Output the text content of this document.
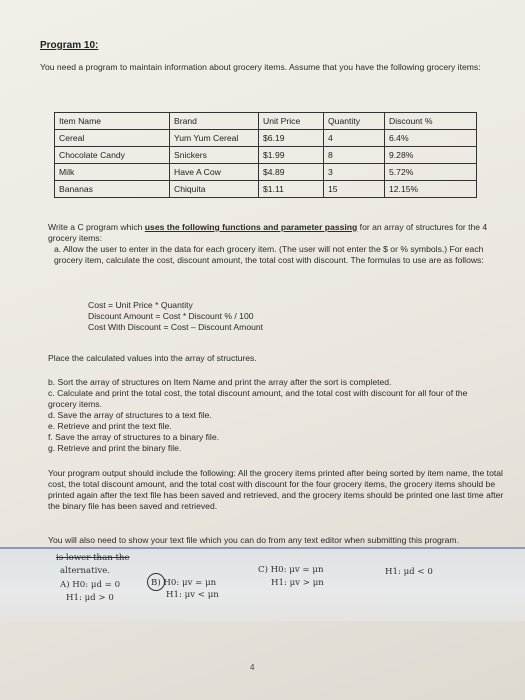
Program 10:

You need a program to maintain information about grocery items. Assume that you have the following grocery items:

Item Name	Brand	Unit Price	Quantity	Discount %
Cereal	Yum Yum Cereal	$6.19	4	6.4%
Chocolate Candy	Snickers	$1.99	8	9.28%
Milk	Have A Cow	$4.89	3	5.72%
Bananas	Chiquita	$1.11	15	12.15%

Write a C program which uses the following functions and parameter passing for an array of structures for the 4 grocery items:

a. Allow the user to enter in the data for each grocery item. (The user will not enter the $ or % symbols.) For each grocery item, calculate the cost, discount amount, the total cost with discount. The formulas to use are as follows:

Cost = Unit Price * Quantity
Discount Amount = Cost * Discount % / 100
Cost With Discount = Cost – Discount Amount

Place the calculated values into the array of structures.

b. Sort the array of structures on Item Name and print the array after the sort is completed.
c. Calculate and print the total cost, the total discount amount, and the total cost with discount for all four of the grocery items.
d. Save the array of structures to a text file.
e. Retrieve and print the text file.
f. Save the array of structures to a binary file.
g. Retrieve and print the binary file.

Your program output should include the following: All the grocery items printed after being sorted by item name, the total cost, the total discount amount, and the total cost with discount for the four grocery items, the grocery items should be printed again after the text file has been saved and retrieved, and the grocery items should be printed one last time after the binary file has been saved and retrieved.

You will also need to show your text file which you can do from any text editor when submitting this program.

is lower than the

alternative.

A) H0: μd = 0

H1: μd > 0

B) H0: μv = μn

H1: μv < μn

C) H0: μv = μn

H1: μv > μn

H1: μd < 0

4
